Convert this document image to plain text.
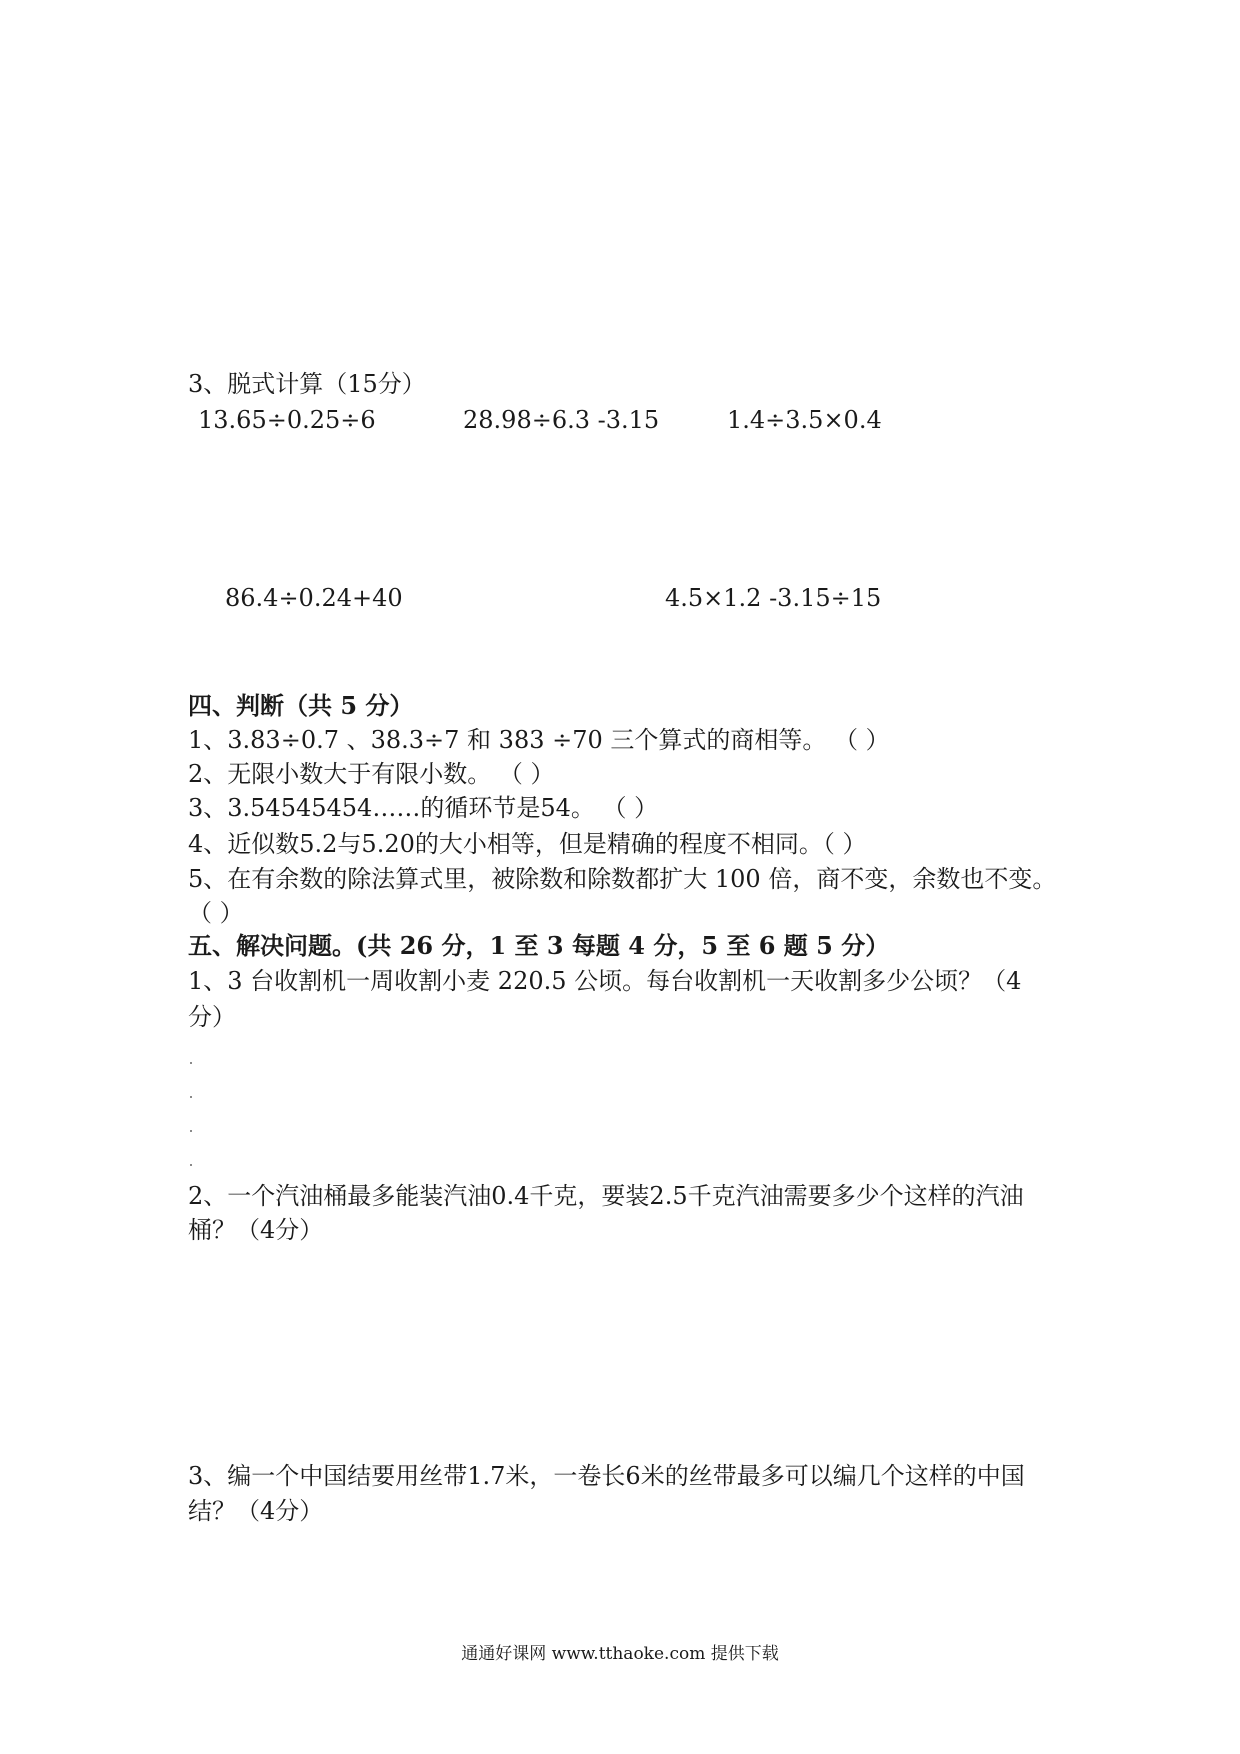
3、脱式计算（15分）
13.65÷0.25÷6	28.98÷6.3 -3.15	1.4÷3.5×0.4
86.4÷0.24+40	4.5×1.2 -3.15÷15
四、判断（共 5 分）
1、3.83÷0.7 、38.3÷7 和 383 ÷70 三个算式的商相等。 （ ）
2、无限小数大于有限小数。 （ ）
3、3.54545454……的循环节是54。 （ ）
4、近似数5.2与5.20的大小相等，但是精确的程度不相同。（ ）
5、在有余数的除法算式里，被除数和除数都扩大 100 倍，商不变，余数也不变。
（ ）
五、解决问题。(共 26 分，1 至 3 每题 4 分，5 至 6 题 5 分）
1、3 台收割机一周收割小麦 220.5 公顷。每台收割机一天收割多少公顷？（4
分）
2、一个汽油桶最多能装汽油0.4千克，要装2.5千克汽油需要多少个这样的汽油
桶？（4分）
3、编一个中国结要用丝带1.7米，一卷长6米的丝带最多可以编几个这样的中国
结？（4分）
通通好课网 www.tthaoke.com 提供下载
